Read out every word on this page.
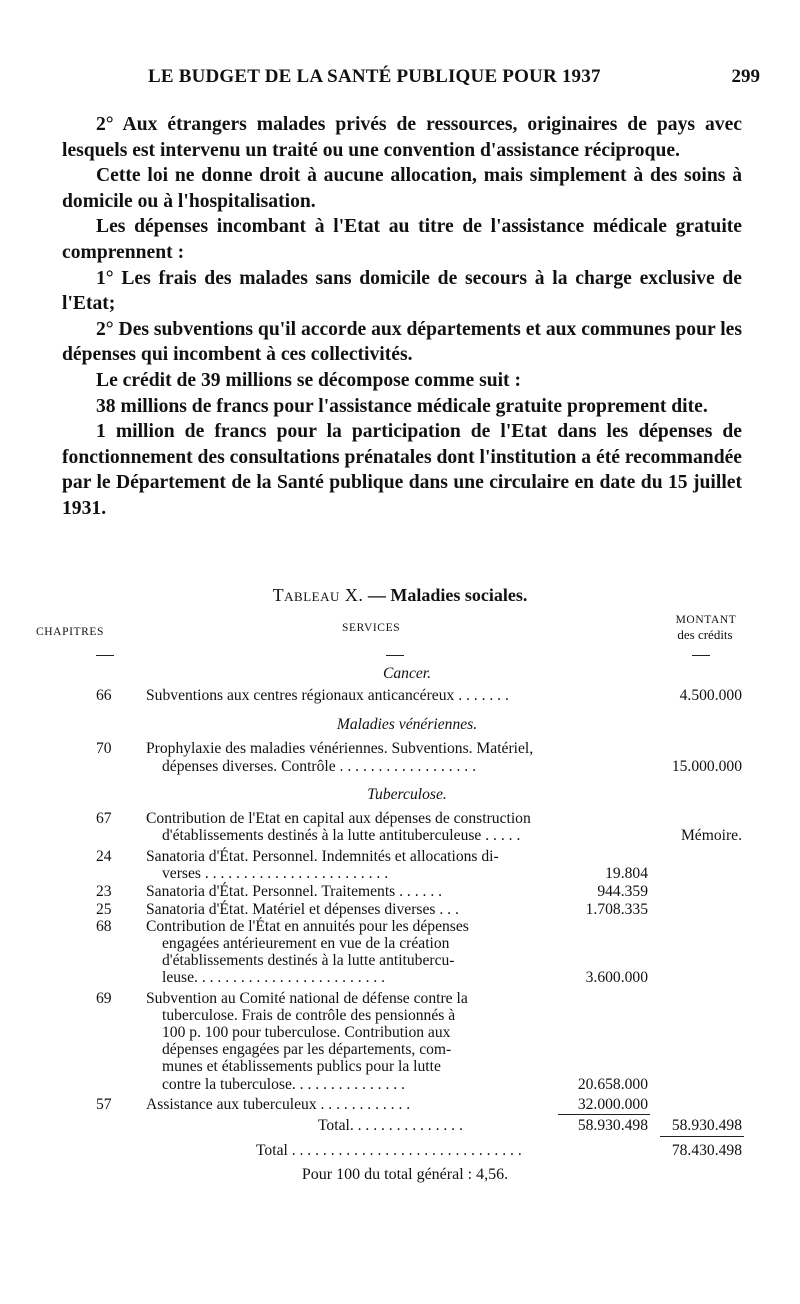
LE BUDGET DE LA SANTÉ PUBLIQUE POUR 1937	299

2° Aux étrangers malades privés de ressources, originaires de pays avec lesquels est intervenu un traité ou une convention d'assistance réciproque.

Cette loi ne donne droit à aucune allocation, mais simplement à des soins à domicile ou à l'hospitalisation.

Les dépenses incombant à l'Etat au titre de l'assistance médicale gratuite comprennent :

1° Les frais des malades sans domicile de secours à la charge exclusive de l'Etat;

2° Des subventions qu'il accorde aux départements et aux communes pour les dépenses qui incombent à ces collectivités.

Le crédit de 39 millions se décompose comme suit :

38 millions de francs pour l'assistance médicale gratuite proprement dite.

1 million de francs pour la participation de l'Etat dans les dépenses de fonctionnement des consultations prénatales dont l'institution a été recommandée par le Département de la Santé publique dans une circulaire en date du 15 juillet 1931.

Tableau X. — Maladies sociales.
CHAPITRES	SERVICES
MONTANT
des crédits
Cancer.
66 Subventions aux centres régionaux anticancéreux . . . . . . .	4.500.000
Maladies vénériennes.
70 Prophylaxie des maladies vénériennes. Subventions. Matériel,
dépenses diverses. Contrôle . . . . . . . . . . . . . . . . . .	15.000.000
Tuberculose.
67 Contribution de l'Etat en capital aux dépenses de construction
d'établissements destinés à la lutte antituberculeuse . . . . .	Mémoire.
24 Sanatoria d'État. Personnel. Indemnités et allocations di-
verses . . . . . . . . . . . . . . . . . . . . . . . .	19.804
23 Sanatoria d'État. Personnel. Traitements . . . . . .	944.359
25 Sanatoria d'État. Matériel et dépenses diverses . . .	1.708.335
68 Contribution de l'État en annuités pour les dépenses
engagées antérieurement en vue de la création
d'établissements destinés à la lutte antitubercu-
leuse. . . . . . . . . . . . . . . . . . . . . . . . .	3.600.000
69 Subvention au Comité national de défense contre la
tuberculose. Frais de contrôle des pensionnés à
100 p. 100 pour tuberculose. Contribution aux
dépenses engagées par les départements, com-
munes et établissements publics pour la lutte
contre la tuberculose. . . . . . . . . . . . . . .	20.658.000
57 Assistance aux tuberculeux . . . . . . . . . . . .	32.000.000
Total. . . . . . . . . . . . . . .	58.930.498	58.930.498
Total . . . . . . . . . . . . . . . . . . . . . . . . . . . . . .	78.430.498
Pour 100 du total général : 4,56.
